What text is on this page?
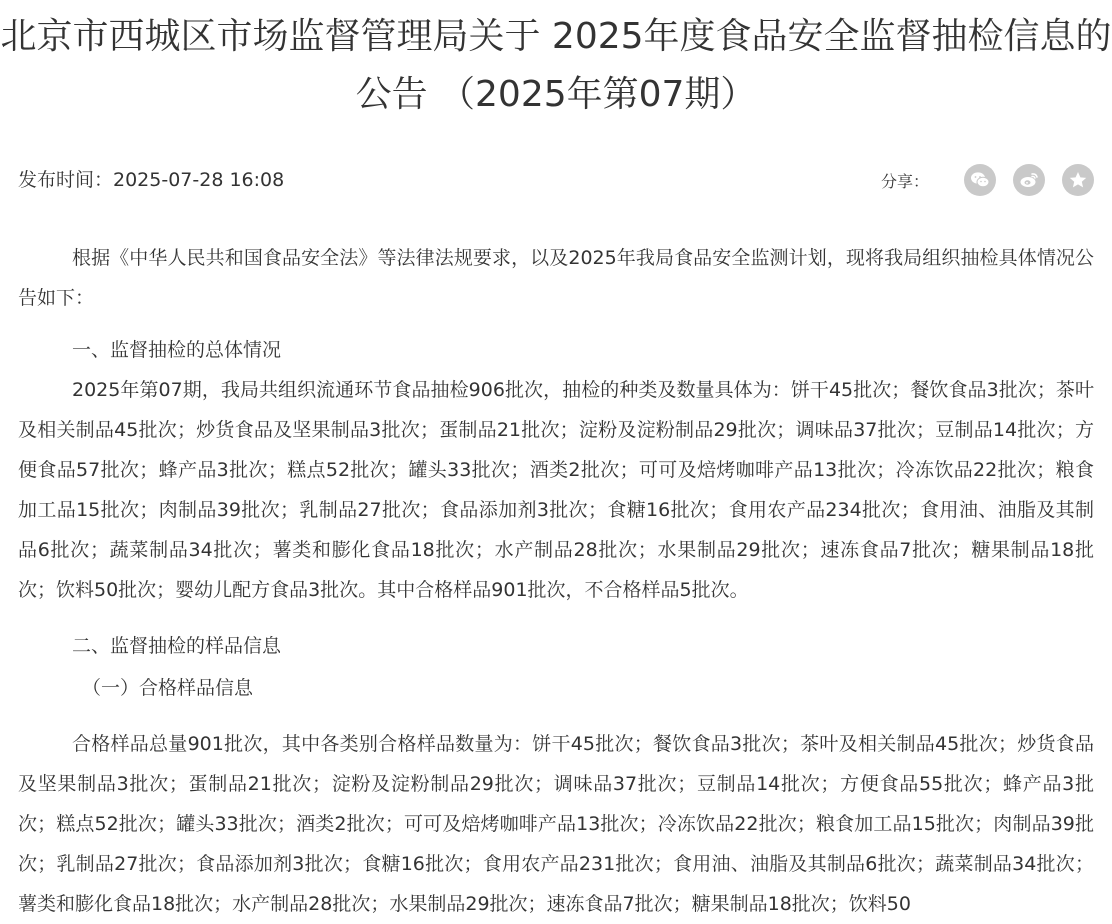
北京市西城区市场监督管理局关于 2025年度食品安全监督抽检信息的
公告 （2025年第07期）
发布时间：2025-07-28 16:08	分享：

根据《中华人民共和国食品安全法》等法律法规要求，以及2025年我局食品安全监测计划，现将我局组织抽检具体情况公告如下：

一、监督抽检的总体情况

2025年第07期，我局共组织流通环节食品抽检906批次，抽检的种类及数量具体为：饼干45批次；餐饮食品3批次；茶叶及相关制品45批次；炒货食品及坚果制品3批次；蛋制品21批次；淀粉及淀粉制品29批次；调味品37批次；豆制品14批次；方便食品57批次；蜂产品3批次；糕点52批次；罐头33批次；酒类2批次；可可及焙烤咖啡产品13批次；冷冻饮品22批次；粮食加工品15批次；肉制品39批次；乳制品27批次；食品添加剂3批次；食糖16批次；食用农产品234批次；食用油、油脂及其制品6批次；蔬菜制品34批次；薯类和膨化食品18批次；水产制品28批次；水果制品29批次；速冻食品7批次；糖果制品18批次；饮料50批次；婴幼儿配方食品3批次。其中合格样品901批次，不合格样品5批次。

二、监督抽检的样品信息

（一）合格样品信息

合格样品总量901批次，其中各类别合格样品数量为：饼干45批次；餐饮食品3批次；茶叶及相关制品45批次；炒货食品及坚果制品3批次；蛋制品21批次；淀粉及淀粉制品29批次；调味品37批次；豆制品14批次；方便食品55批次；蜂产品3批次；糕点52批次；罐头33批次；酒类2批次；可可及焙烤咖啡产品13批次；冷冻饮品22批次；粮食加工品15批次；肉制品39批次；乳制品27批次；食品添加剂3批次；食糖16批次；食用农产品231批次；食用油、油脂及其制品6批次；蔬菜制品34批次；薯类和膨化食品18批次；水产制品28批次；水果制品29批次；速冻食品7批次；糖果制品18批次；饮料50
